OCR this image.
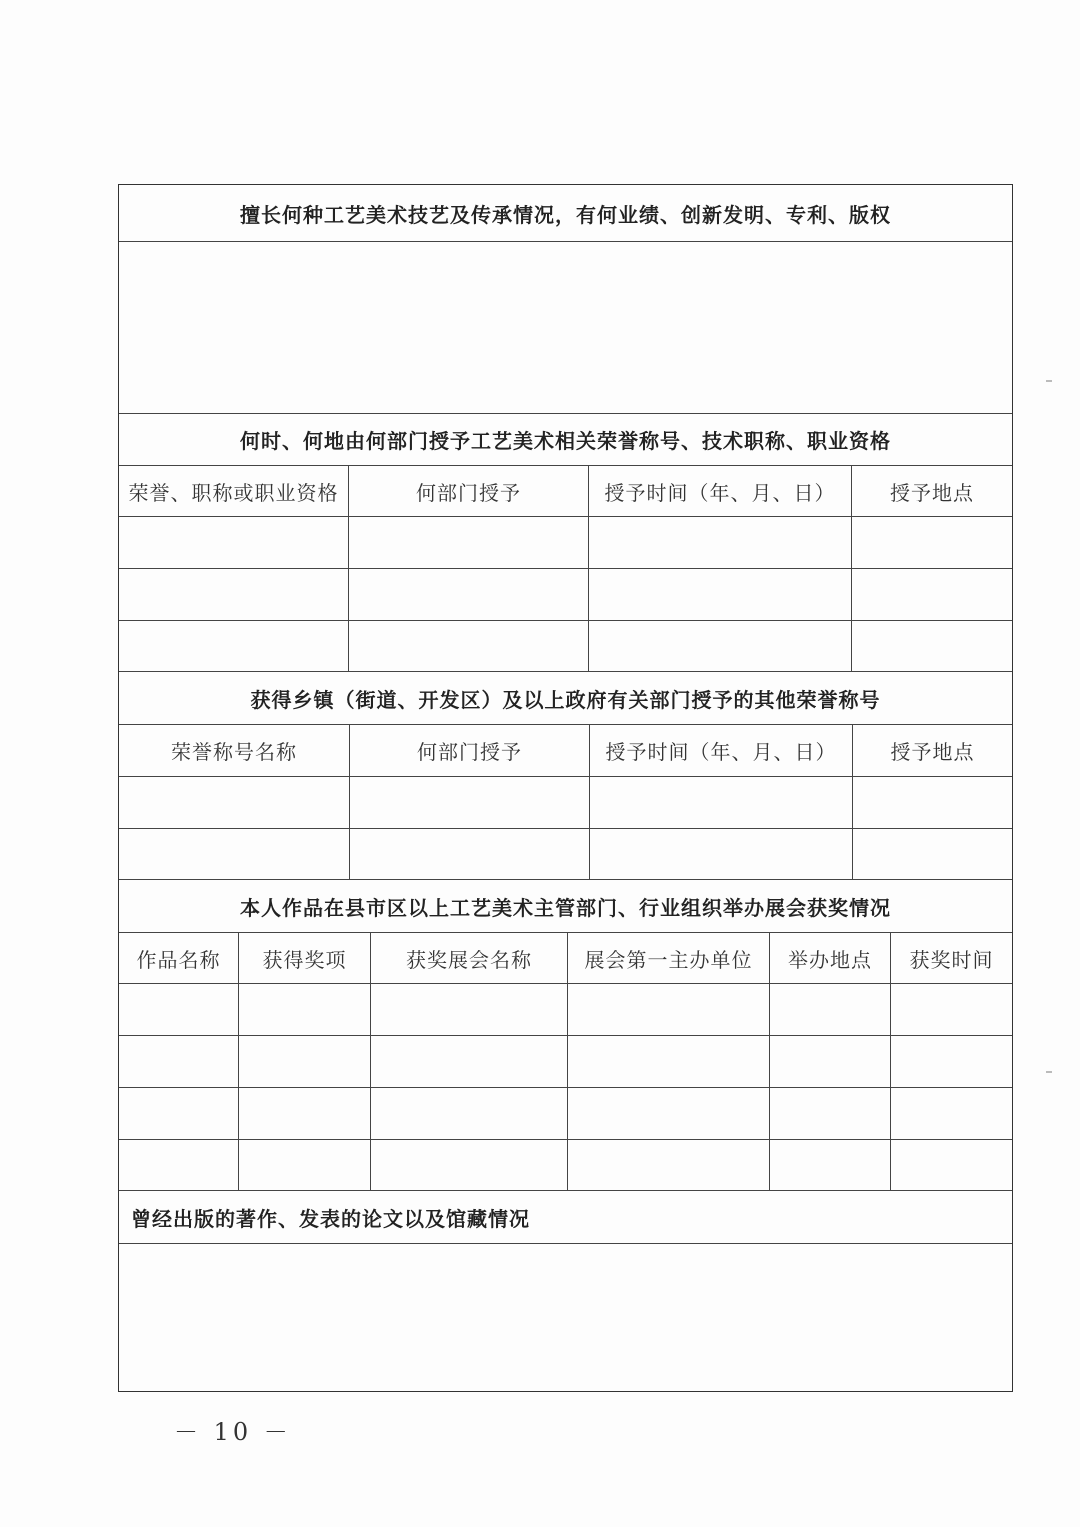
擅长何种工艺美术技艺及传承情况，有何业绩、创新发明、专利、版权
何时、何地由何部门授予工艺美术相关荣誉称号、技术职称、职业资格
荣誉、职称或职业资格	何部门授予	授予时间（年、月、日）	授予地点
获得乡镇（街道、开发区）及以上政府有关部门授予的其他荣誉称号
荣誉称号名称	何部门授予	授予时间（年、月、日）	授予地点
本人作品在县市区以上工艺美术主管部门、行业组织举办展会获奖情况
作品名称	获得奖项	获奖展会名称	展会第一主办单位	举办地点	获奖时间
曾经出版的著作、发表的论文以及馆藏情况
－ 10 －
